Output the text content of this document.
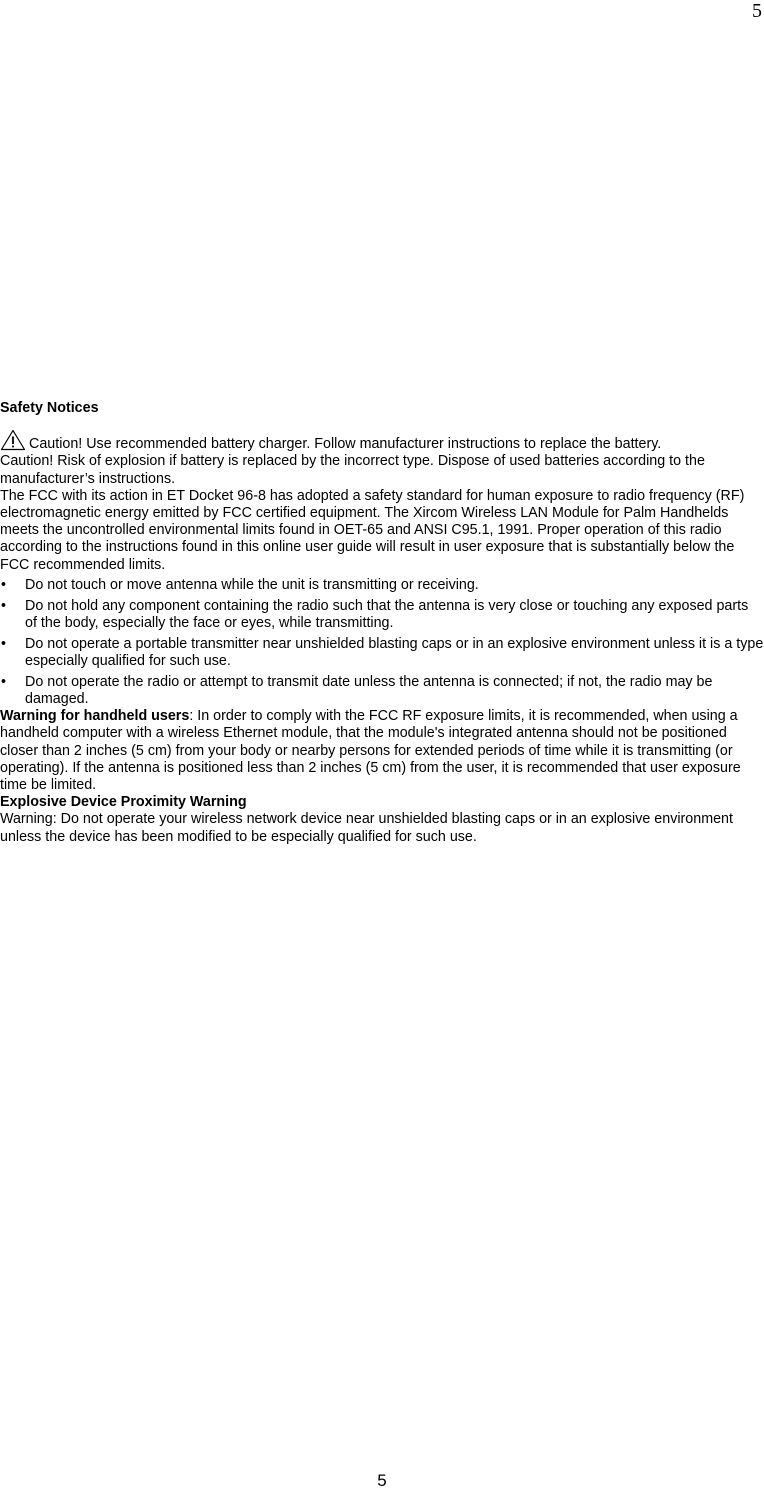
5

Safety Notices

Caution! Use recommended battery charger. Follow manufacturer instructions to replace the battery.

Caution! Risk of explosion if battery is replaced by the incorrect type. Dispose of used batteries according to the manufacturer’s instructions.

The FCC with its action in ET Docket 96-8 has adopted a safety standard for human exposure to radio frequency (RF) electromagnetic energy emitted by FCC certified equipment. The Xircom Wireless LAN Module for Palm Handhelds meets the uncontrolled environmental limits found in OET-65 and ANSI C95.1, 1991. Proper operation of this radio according to the instructions found in this online user guide will result in user exposure that is substantially below the FCC recommended limits.

• Do not touch or move antenna while the unit is transmitting or receiving.
• Do not hold any component containing the radio such that the antenna is very close or touching any exposed parts of the body, especially the face or eyes, while transmitting.
• Do not operate a portable transmitter near unshielded blasting caps or in an explosive environment unless it is a type especially qualified for such use.
• Do not operate the radio or attempt to transmit date unless the antenna is connected; if not, the radio may be damaged.

Warning for handheld users: In order to comply with the FCC RF exposure limits, it is recommended, when using a handheld computer with a wireless Ethernet module, that the module's integrated antenna should not be positioned closer than 2 inches (5 cm) from your body or nearby persons for extended periods of time while it is transmitting (or operating). If the antenna is positioned less than 2 inches (5 cm) from the user, it is recommended that user exposure time be limited.

Explosive Device Proximity Warning

Warning: Do not operate your wireless network device near unshielded blasting caps or in an explosive environment unless the device has been modified to be especially qualified for such use.

5
